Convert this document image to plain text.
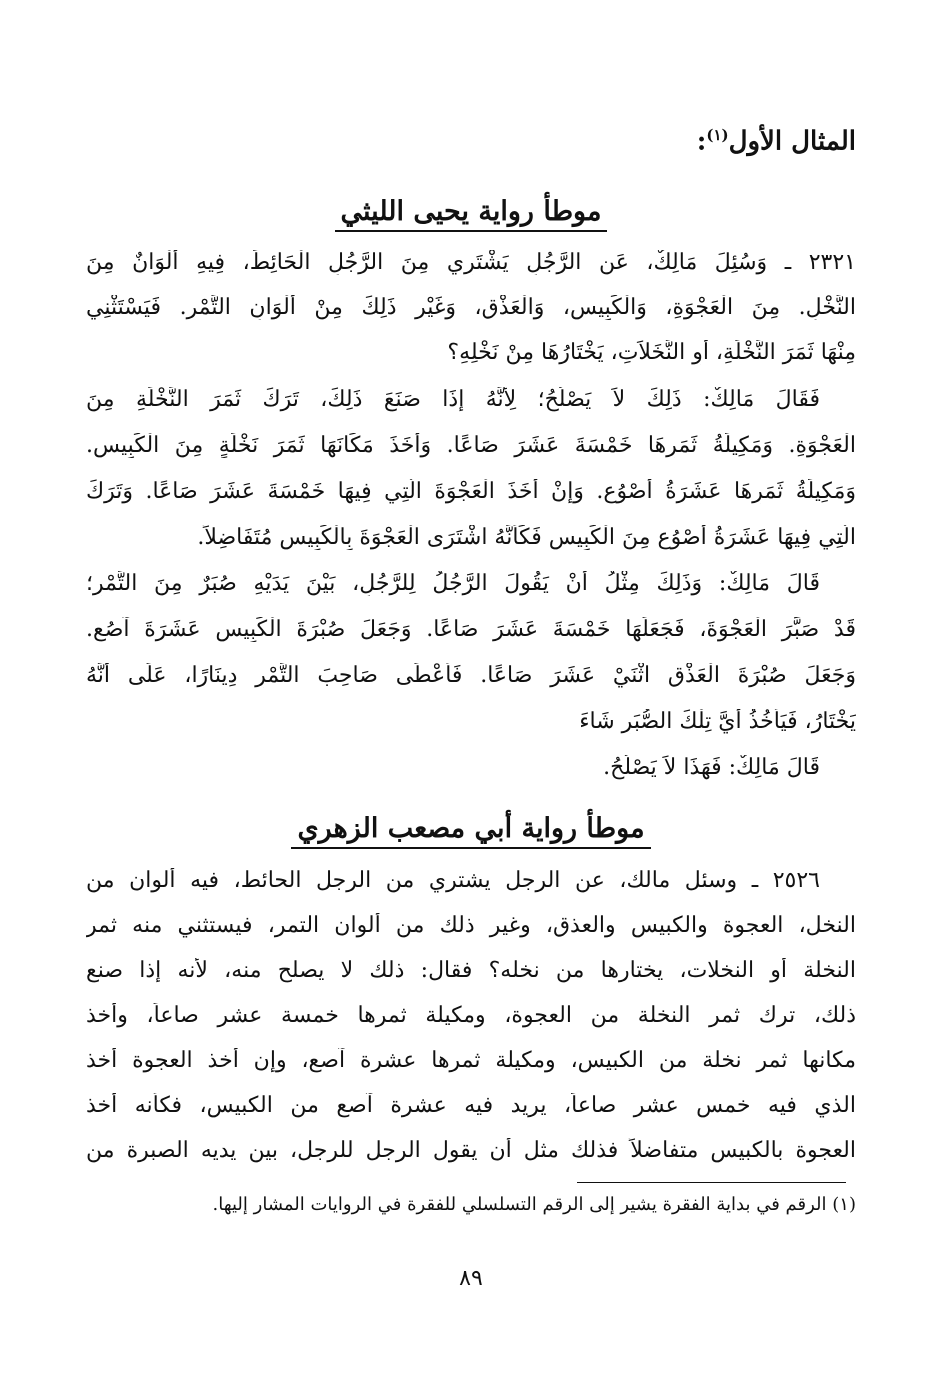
المثال الأول$^{(١)}$:
موطأ رواية يحيى الليثي
٢٣٢١ ـ وَسُئِلَ مَالِكٌ، عَنِ الرَّجُلِ يَشْتَرِي مِنَ الرَّجُلِ الْحَائِطَ، فِيهِ أَلْوَانٌ مِنَ
النَّخْلِ. مِنَ الْعَجْوَةِ، وَالْكَبِيسِ، وَالْعَذْقِ، وَغَيْرِ ذَلِكَ مِنْ أَلْوَانِ التَّمْرِ. فَيَسْتَثْنِي
مِنْهَا ثَمَرَ النَّخْلَةِ، أَوِ النَّخَلاَتِ، يَخْتَارُهَا مِنْ نَخْلِهِ؟
فَقَالَ مَالِكٌ: ذَلِكَ لاَ يَصْلُحُ؛ لِأَنَّهُ إِذَا صَنَعَ ذَلِكَ، تَرَكَ ثَمَرَ النَّخْلَةِ مِنَ
الْعَجْوَةِ. وَمَكِيلَةُ ثَمَرِهَا خَمْسَةَ عَشَرَ صَاعًا. وَأَخَذَ مَكَانَهَا ثَمَرَ نَخْلَةٍ مِنَ الْكَبِيسِ.
وَمَكِيلَةُ ثَمَرِهَا عَشَرَةُ أَصْوُعٍ. وَإِنْ أَخَذَ الْعَجْوَةَ الَّتِي فِيهَا خَمْسَةَ عَشَرَ صَاعًا. وَتَرَكَ
الَّتِي فِيهَا عَشَرَةُ أَصْوُعٍ مِنَ الْكَبِيسِ فَكَأَنَّهُ اشْتَرَى الْعَجْوَةَ بِالْكَبِيسِ مُتَفَاضِلاً.
قَالَ مَالِكٌ: وَذَلِكَ مِثْلُ أَنْ يَقُولَ الرَّجُلُ لِلرَّجُلِ، بَيْنَ يَدَيْهِ صُبَرٌ مِنَ التَّمْرِ؛
قَدْ صَبَّرَ الْعَجْوَةَ، فَجَعَلَهَا خَمْسَةَ عَشَرَ صَاعًا. وَجَعَلَ صُبْرَةَ الْكَبِيسِ عَشَرَةَ آصُعٍ.
وَجَعَلَ صُبْرَةَ الْعَذْقِ اثْنَيْ عَشَرَ صَاعًا. فَأَعْطَى صَاحِبَ التَّمْرِ دِينَارًا، عَلَى أَنَّهُ
يَخْتَارُ، فَيَأْخُذُ أَيَّ تِلْكَ الصُّبَرِ شَاءَ
قَالَ مَالِكٌ: فَهَذَا لاَ يَصْلُحُ.
موطأ رواية أبي مصعب الزهري
٢٥٢٦ ـ وسئل مالك، عن الرجل يشتري من الرجل الحائط، فيه ألوان من
النخل، العجوة والكبيس والعذق، وغير ذلك من ألوان التمر، فيستثني منه ثمر
النخلة أو النخلات، يختارها من نخله؟ فقال: ذلك لا يصلح منه، لأنه إذا صنع
ذلك، ترك ثمر النخلة من العجوة، ومكيلة ثمرها خمسة عشر صاعاً، وأخذ
مكانها ثمر نخلة من الكبيس، ومكيلة ثمرها عشرة آصع، وإن أخذ العجوة أخذ
الذي فيه خمس عشر صاعاً، يريد فيه عشرة آصع من الكبيس، فكأنه أخذ
العجوة بالكبيس متفاضلاً فذلك مثل أن يقول الرجل للرجل، بين يديه الصبرة من
(١) الرقم في بداية الفقرة يشير إلى الرقم التسلسلي للفقرة في الروايات المشار إليها.
٨٩
